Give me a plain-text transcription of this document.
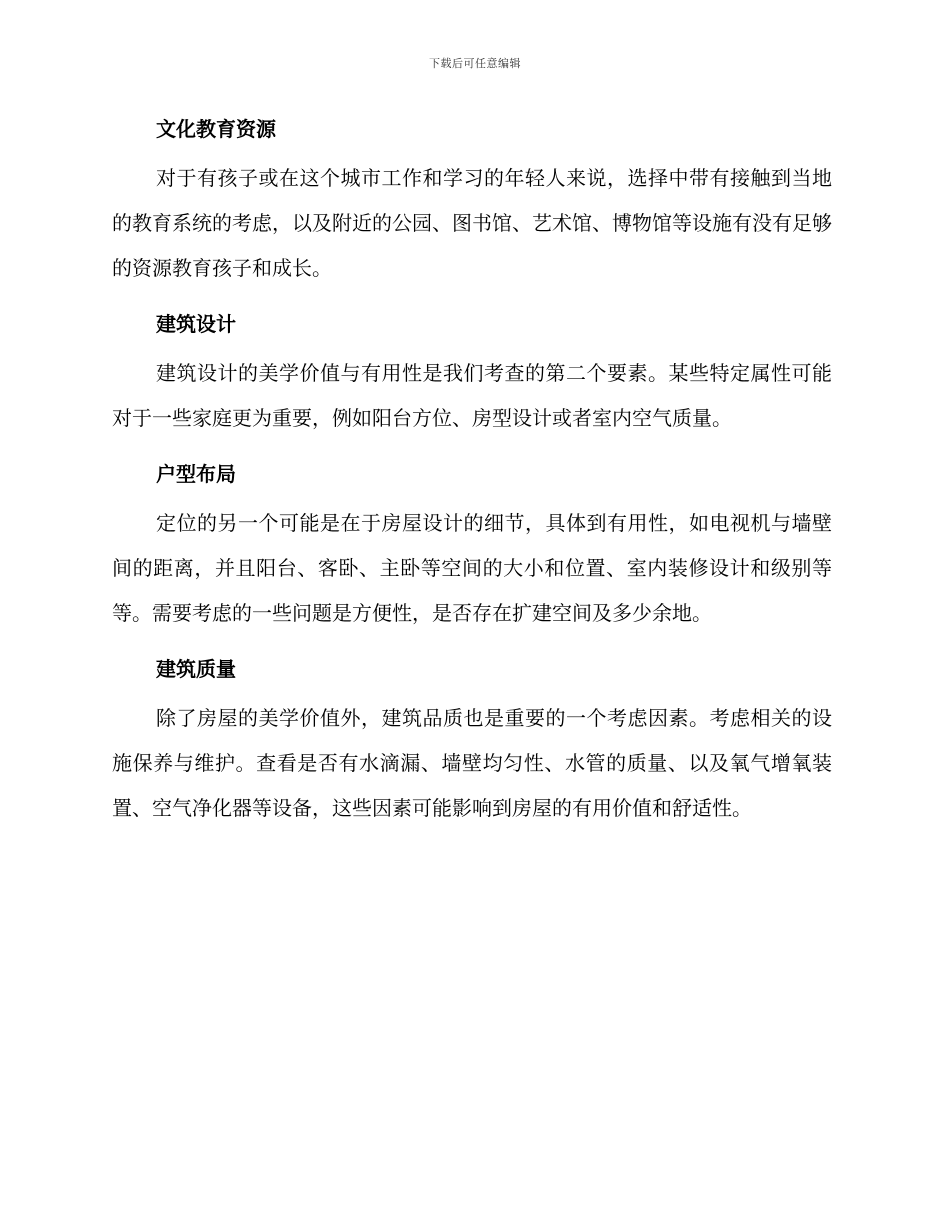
下载后可任意编辑
文化教育资源

对于有孩子或在这个城市工作和学习的年轻人来说，选择中带有接触到当地的教育系统的考虑，以及附近的公园、图书馆、艺术馆、博物馆等设施有没有足够的资源教育孩子和成长。

建筑设计

建筑设计的美学价值与有用性是我们考查的第二个要素。某些特定属性可能对于一些家庭更为重要，例如阳台方位、房型设计或者室内空气质量。

户型布局

定位的另一个可能是在于房屋设计的细节，具体到有用性，如电视机与墙壁间的距离，并且阳台、客卧、主卧等空间的大小和位置、室内装修设计和级别等等。需要考虑的一些问题是方便性，是否存在扩建空间及多少余地。

建筑质量

除了房屋的美学价值外，建筑品质也是重要的一个考虑因素。考虑相关的设施保养与维护。查看是否有水滴漏、墙壁均匀性、水管的质量、以及氧气增氧装置、空气净化器等设备，这些因素可能影响到房屋的有用价值和舒适性。
